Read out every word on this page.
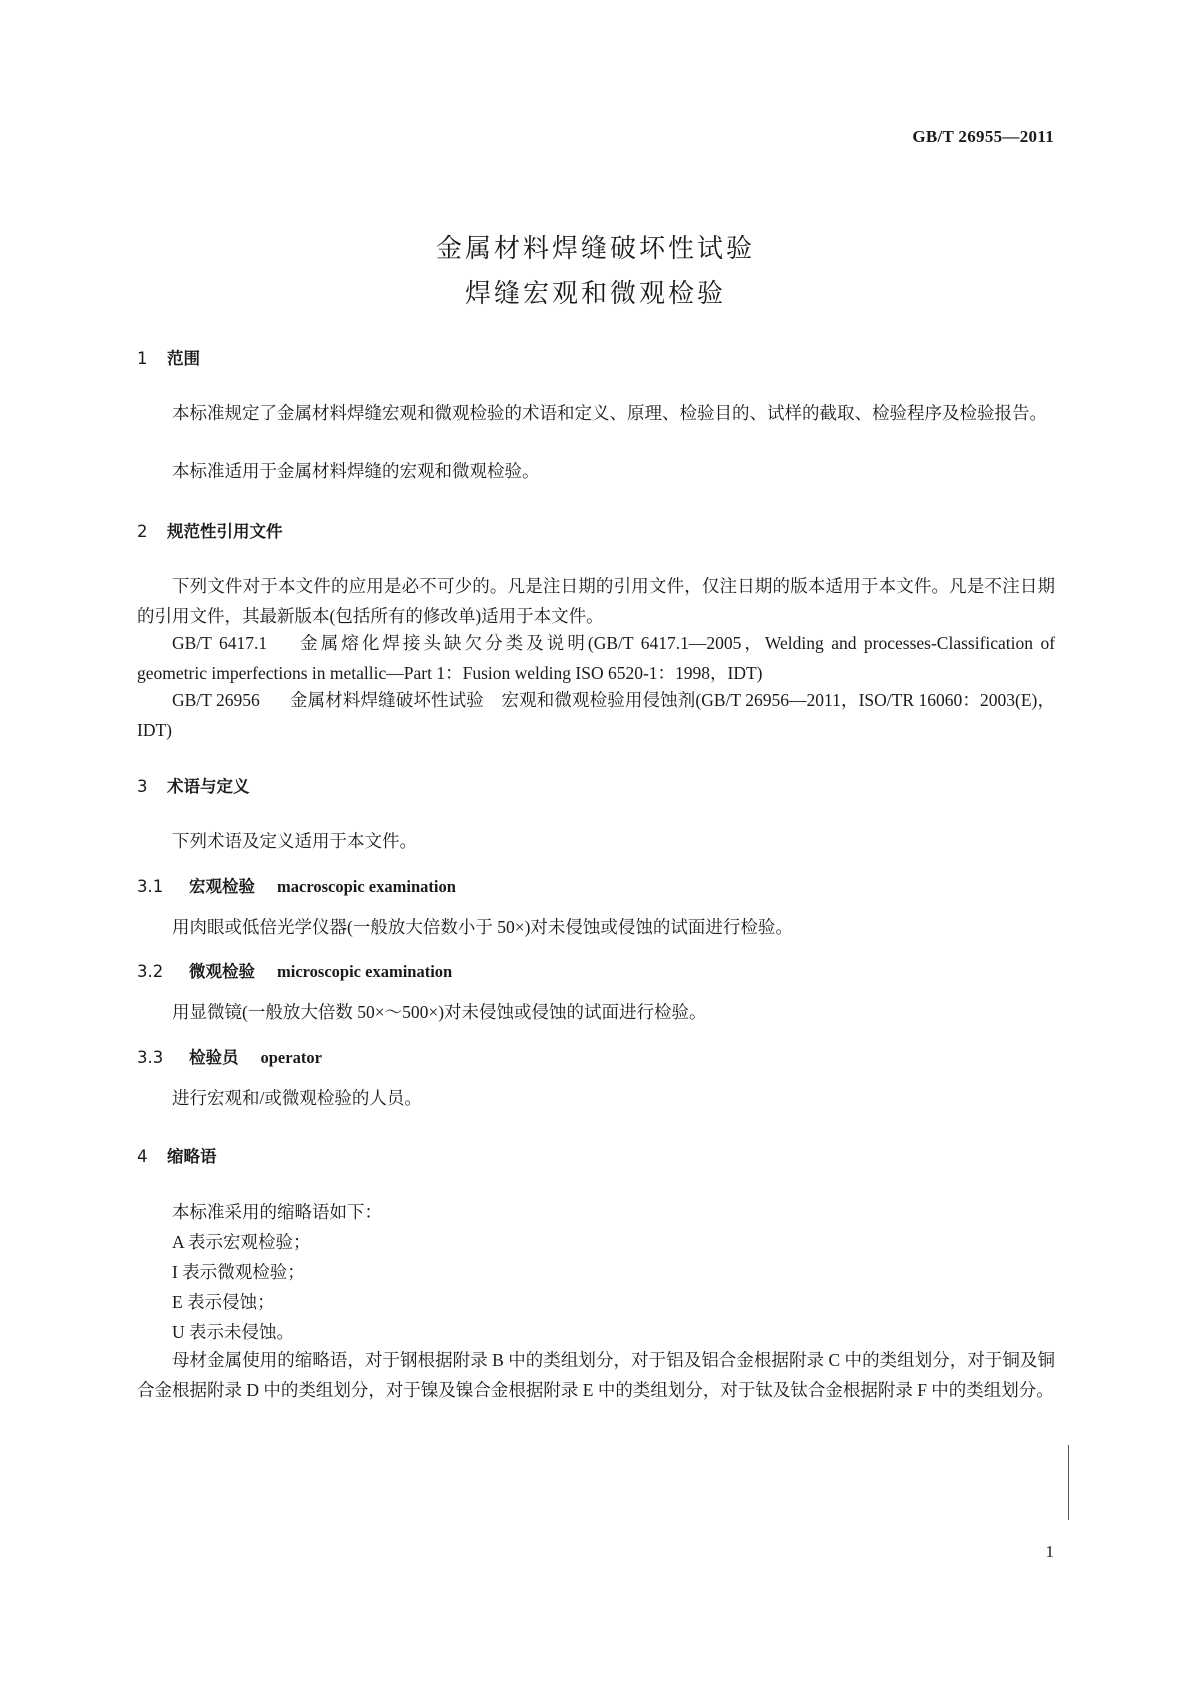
GB/T 26955—2011
金属材料焊缝破坏性试验
焊缝宏观和微观检验
1 范围
本标准规定了金属材料焊缝宏观和微观检验的术语和定义、原理、检验目的、试样的截取、检验程序及检验报告。
本标准适用于金属材料焊缝的宏观和微观检验。
2 规范性引用文件
下列文件对于本文件的应用是必不可少的。凡是注日期的引用文件，仅注日期的版本适用于本文件。凡是不注日期的引用文件，其最新版本(包括所有的修改单)适用于本文件。
GB/T 6417.1 金属熔化焊接头缺欠分类及说明(GB/T 6417.1—2005，Welding and processes-Classification of geometric imperfections in metallic—Part 1：Fusion welding ISO 6520-1：1998，IDT)
GB/T 26956 金属材料焊缝破坏性试验　宏观和微观检验用侵蚀剂(GB/T 26956—2011，ISO/TR 16060：2003(E)，IDT)
3 术语与定义
下列术语及定义适用于本文件。
3.1 宏观检验 macroscopic examination
用肉眼或低倍光学仪器(一般放大倍数小于 50×)对未侵蚀或侵蚀的试面进行检验。
3.2 微观检验 microscopic examination
用显微镜(一般放大倍数 50×～500×)对未侵蚀或侵蚀的试面进行检验。
3.3 检验员 operator
进行宏观和/或微观检验的人员。
4 缩略语
本标准采用的缩略语如下：
A 表示宏观检验；
I 表示微观检验；
E 表示侵蚀；
U 表示未侵蚀。
母材金属使用的缩略语，对于钢根据附录 B 中的类组划分，对于铝及铝合金根据附录 C 中的类组划分，对于铜及铜合金根据附录 D 中的类组划分，对于镍及镍合金根据附录 E 中的类组划分，对于钛及钛合金根据附录 F 中的类组划分。
1
